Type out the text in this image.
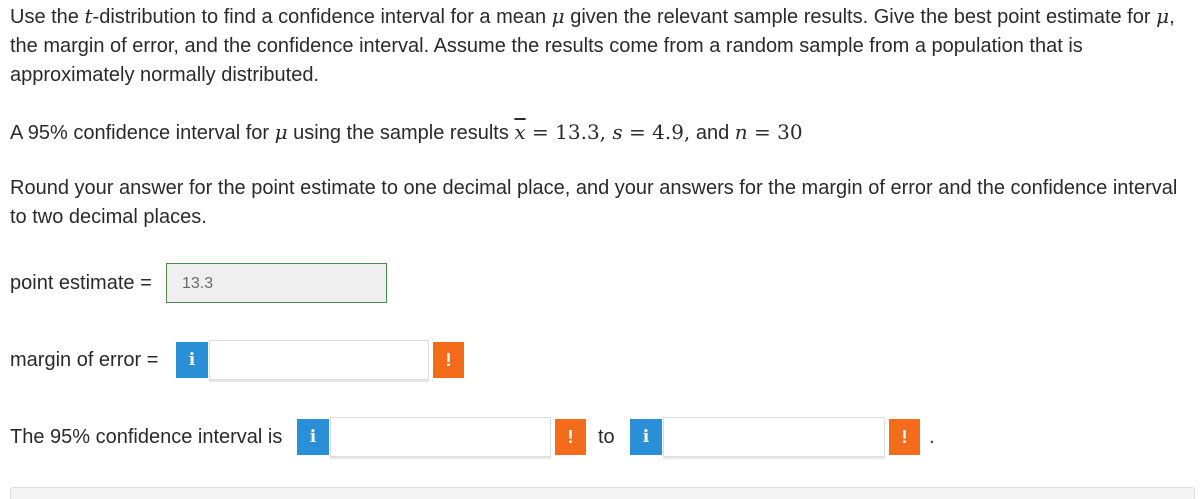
Use the t-distribution to find a confidence interval for a mean μ given the relevant sample results. Give the best point estimate for μ, the margin of error, and the confidence interval. Assume the results come from a random sample from a population that is approximately normally distributed.

A 95% confidence interval for μ using the sample results $\overline{x} = 13.3$, s = 4.9, and n = 30

Round your answer for the point estimate to one decimal place, and your answers for the margin of error and the confidence interval to two decimal places.

point estimate =	13.3
margin of error =	i	!
The 95% confidence interval is	i	!	to	i	!	.
